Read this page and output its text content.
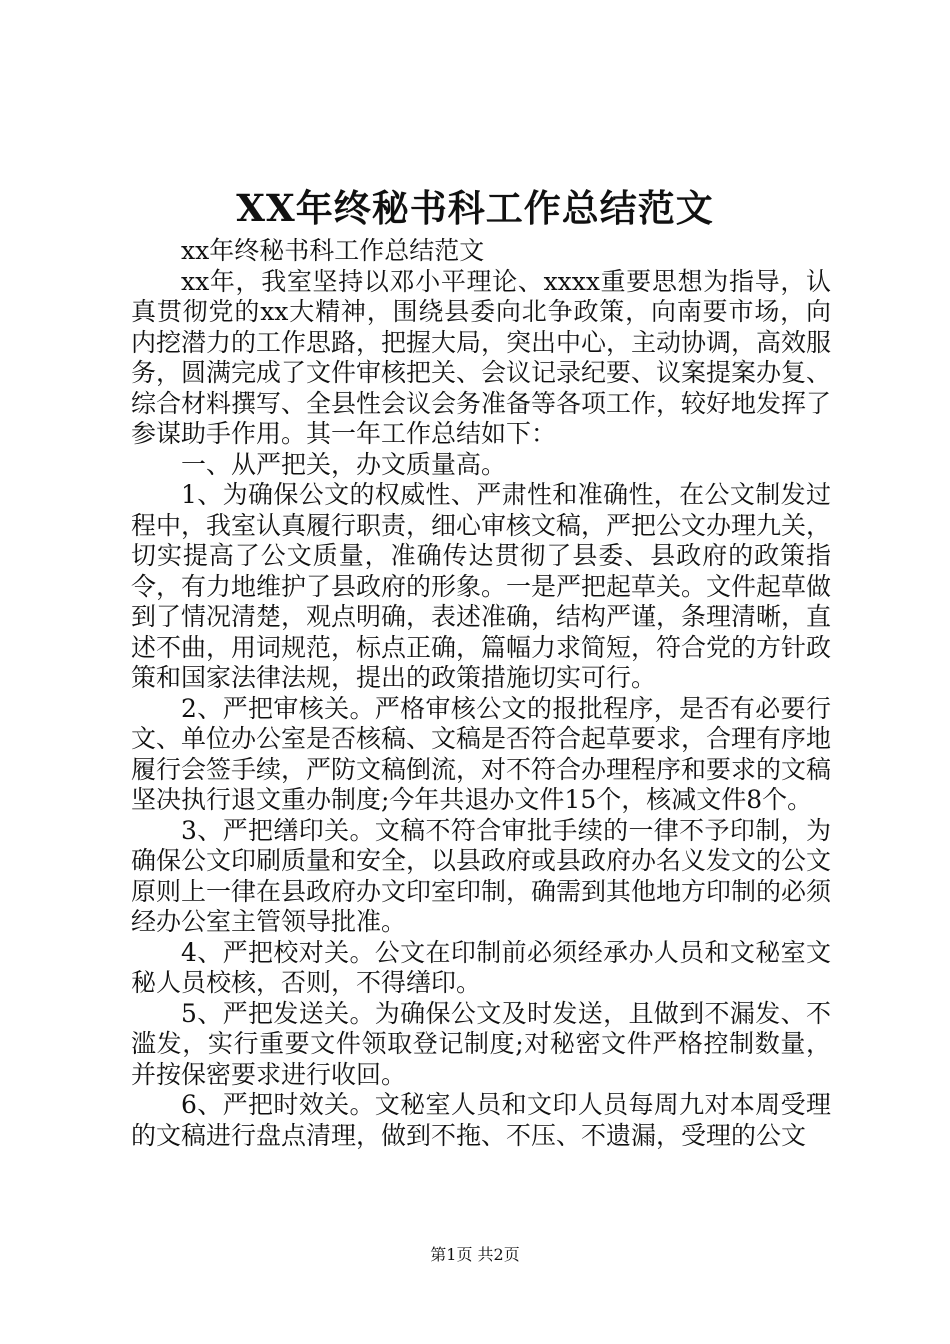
XX年终秘书科工作总结范文

xx年终秘书科工作总结范文

xx年，我室坚持以邓小平理论、xxxx重要思想为指导，认真贯彻党的xx大精神，围绕县委向北争政策，向南要市场，向内挖潜力的工作思路，把握大局，突出中心，主动协调，高效服务，圆满完成了文件审核把关、会议记录纪要、议案提案办复、综合材料撰写、全县性会议会务准备等各项工作，较好地发挥了参谋助手作用。其一年工作总结如下：

一、从严把关，办文质量高。

1、为确保公文的权威性、严肃性和准确性，在公文制发过程中，我室认真履行职责，细心审核文稿，严把公文办理九关，切实提高了公文质量，准确传达贯彻了县委、县政府的政策指令，有力地维护了县政府的形象。一是严把起草关。文件起草做到了情况清楚，观点明确，表述准确，结构严谨，条理清晰，直述不曲，用词规范，标点正确，篇幅力求简短，符合党的方针政策和国家法律法规，提出的政策措施切实可行。

2、严把审核关。严格审核公文的报批程序，是否有必要行文、单位办公室是否核稿、文稿是否符合起草要求，合理有序地履行会签手续，严防文稿倒流，对不符合办理程序和要求的文稿坚决执行退文重办制度;今年共退办文件15个，核减文件8个。

3、严把缮印关。文稿不符合审批手续的一律不予印制，为确保公文印刷质量和安全，以县政府或县政府办名义发文的公文原则上一律在县政府办文印室印制，确需到其他地方印制的必须经办公室主管领导批准。

4、严把校对关。公文在印制前必须经承办人员和文秘室文秘人员校核，否则，不得缮印。

5、严把发送关。为确保公文及时发送，且做到不漏发、不滥发，实行重要文件领取登记制度;对秘密文件严格控制数量，并按保密要求进行收回。

6、严把时效关。文秘室人员和文印人员每周九对本周受理的文稿进行盘点清理，做到不拖、不压、不遗漏，受理的公文

第1页 共2页
